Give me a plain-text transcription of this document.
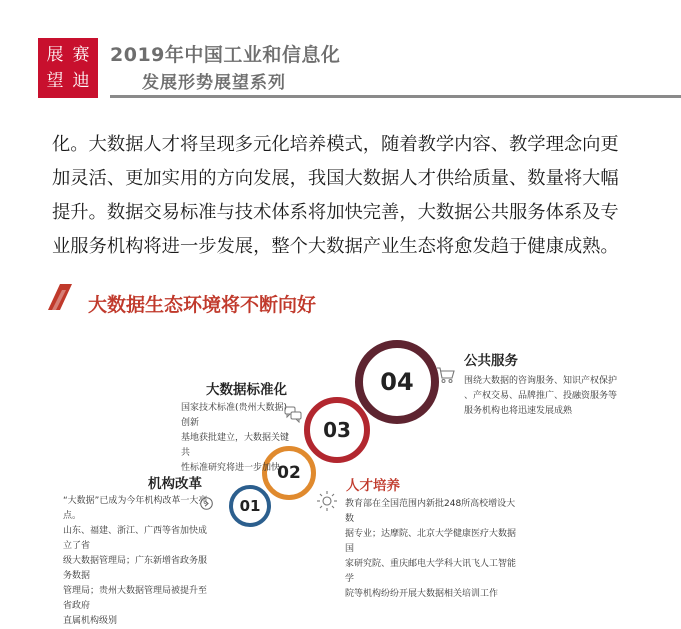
展 赛
望 迪
2019年中国工业和信息化
发展形势展望系列
化。大数据人才将呈现多元化培养模式，随着教学内容、教学理念向更
加灵活、更加实用的方向发展，我国大数据人才供给质量、数量将大幅
提升。数据交易标准与技术体系将加快完善，大数据公共服务体系及专
业服务机构将进一步发展，整个大数据产业生态将愈发趋于健康成熟。
大数据生态环境将不断向好
01
02
03
04
机构改革
“大数据”已成为今年机构改革一大亮点。
山东、福建、浙江、广西等省加快成立了省
级大数据管理局；广东新增省政务服务数据
管理局；贵州大数据管理局被提升至省政府
直属机构级别
大数据标准化
国家技术标准(贵州大数据)创新
基地获批建立，大数据关键共
性标准研究将进一步加快
人才培养
教育部在全国范围内新批248所高校增设大数
据专业；达摩院、北京大学健康医疗大数据国
家研究院、重庆邮电大学科大讯飞人工智能学
院等机构纷纷开展大数据相关培训工作
公共服务
围绕大数据的咨询服务、知识产权保护
、产权交易、品牌推广、投融资服务等
服务机构也将迅速发展成熟
